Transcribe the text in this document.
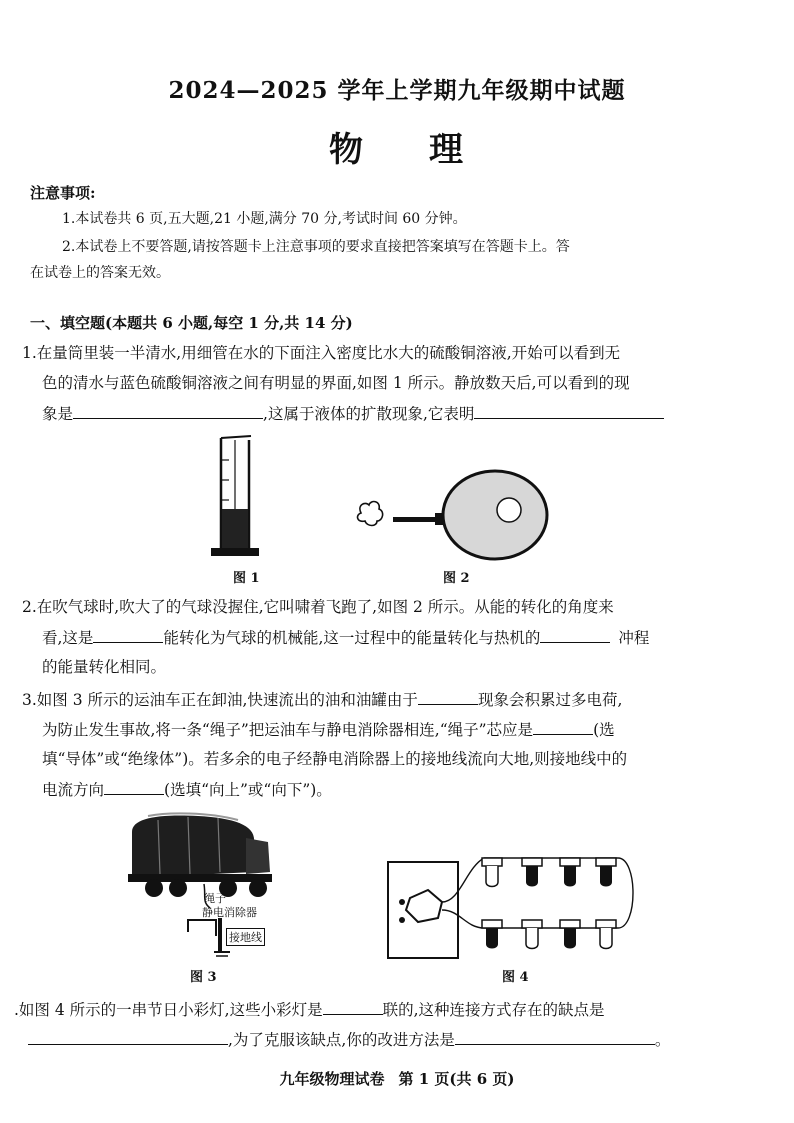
2024—2025 学年上学期九年级期中试题
物 理
注意事项:
1.本试卷共 6 页,五大题,21 小题,满分 70 分,考试时间 60 分钟。
2.本试卷上不要答题,请按答题卡上注意事项的要求直接把答案填写在答题卡上。答
在试卷上的答案无效。
一、填空题(本题共 6 小题,每空 1 分,共 14 分)
1.在量筒里装一半清水,用细管在水的下面注入密度比水大的硫酸铜溶液,开始可以看到无
色的清水与蓝色硫酸铜溶液之间有明显的界面,如图 1 所示。静放数天后,可以看到的现
象是	,这属于液体的扩散现象,它表明
图 1	图 2
2.在吹气球时,吹大了的气球没握住,它叫啸着飞跑了,如图 2 所示。从能的转化的角度来
看,这是	能转化为气球的机械能,这一过程中的能量转化与热机的	冲程
的能量转化相同。
3.如图 3 所示的运油车正在卸油,快速流出的油和油罐由于	现象会积累过多电荷,
为防止发生事故,将一条“绳子”把运油车与静电消除器相连,“绳子”芯应是	(选
填“导体”或“绝缘体”)。若多余的电子经静电消除器上的接地线流向大地,则接地线中的
电流方向	(选填“向上”或“向下”)。
绳子
静电消除器
接地线
图 3	图 4
.如图 4 所示的一串节日小彩灯,这些小彩灯是	联的,这种连接方式存在的缺点是
,为了克服该缺点,你的改进方法是	。
九年级物理试卷 第 1 页(共 6 页)
